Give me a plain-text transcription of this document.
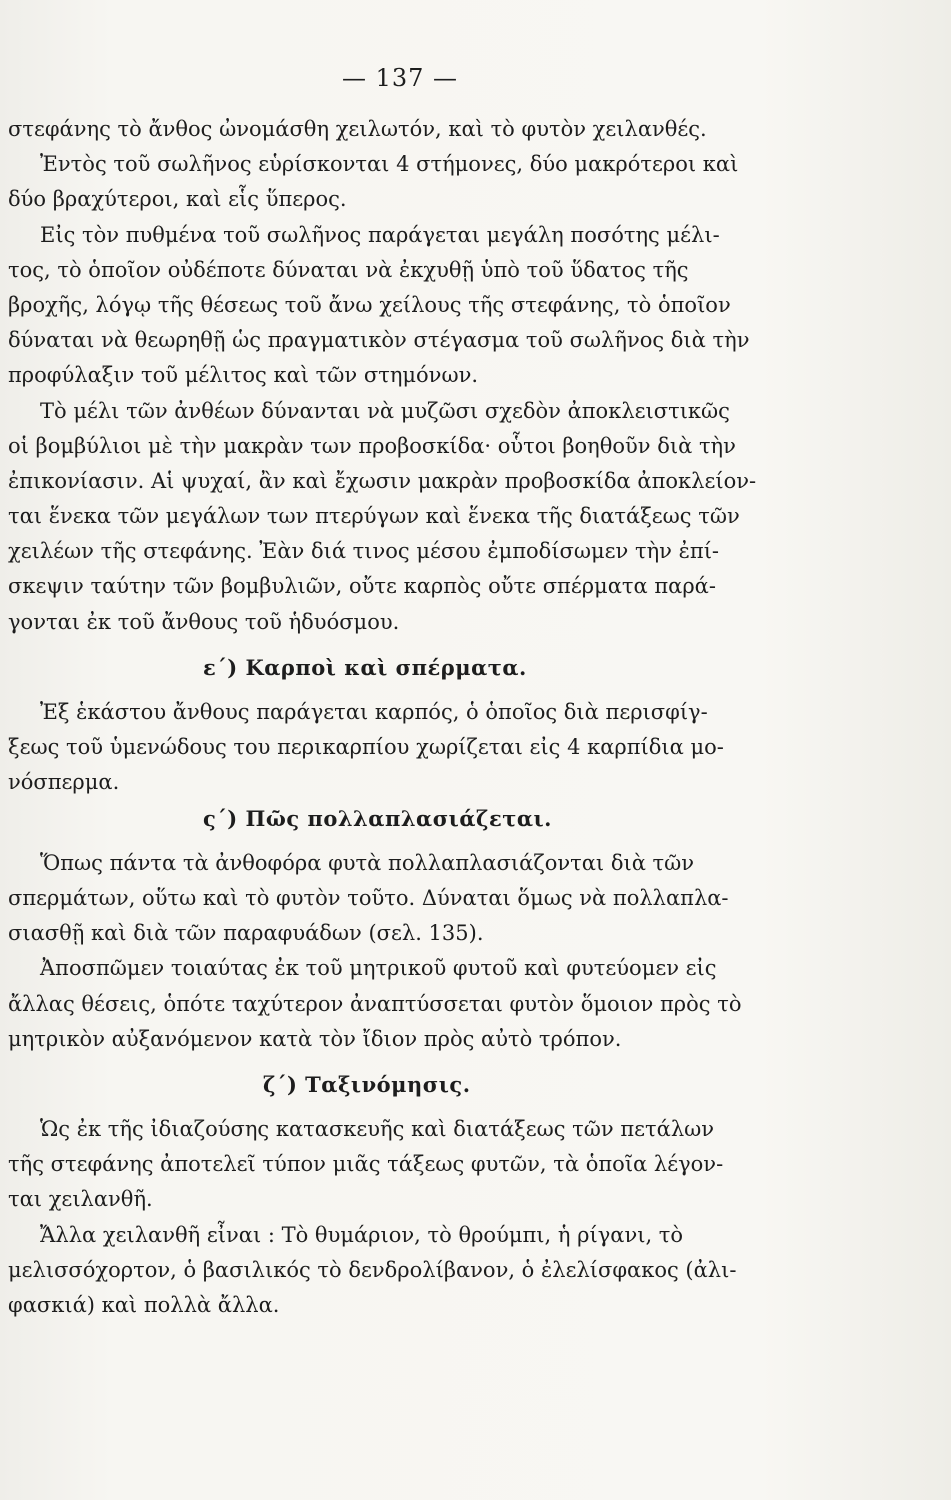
— 137 —
στεφάνης τὸ ἄνθος ὠνομάσθη χειλωτόν, καὶ τὸ φυτὸν χειλανθές.
Ἐντὸς τοῦ σωλῆνος εὑρίσκονται 4 στήμονες, δύο μακρότεροι καὶ
δύο βραχύτεροι, καὶ εἷς ὕπερος.
Εἰς τὸν πυθμένα τοῦ σωλῆνος παράγεται μεγάλη ποσότης μέλι-
τος, τὸ ὁποῖον οὐδέποτε δύναται νὰ ἐκχυθῇ ὑπὸ τοῦ ὕδατος τῆς
βροχῆς, λόγῳ τῆς θέσεως τοῦ ἄνω χείλους τῆς στεφάνης, τὸ ὁποῖον
δύναται νὰ θεωρηθῇ ὡς πραγματικὸν στέγασμα τοῦ σωλῆνος διὰ τὴν
προφύλαξιν τοῦ μέλιτος καὶ τῶν στημόνων.
Τὸ μέλι τῶν ἀνθέων δύνανται νὰ μυζῶσι σχεδὸν ἀποκλειστικῶς
οἱ βομβύλιοι μὲ τὴν μακρὰν των προβοσκίδα· οὗτοι βοηθοῦν διὰ τὴν
ἐπικονίασιν. Αἱ ψυχαί, ἂν καὶ ἔχωσιν μακρὰν προβοσκίδα ἀποκλείον-
ται ἕνεκα τῶν μεγάλων των πτερύγων καὶ ἕνεκα τῆς διατάξεως τῶν
χειλέων τῆς στεφάνης. Ἐὰν διά τινος μέσου ἐμποδίσωμεν τὴν ἐπί-
σκεψιν ταύτην τῶν βομβυλιῶν, οὔτε καρπὸς οὔτε σπέρματα παρά-
γονται ἐκ τοῦ ἄνθους τοῦ ἡδυόσμου.
ε΄) Καρποὶ καὶ σπέρματα.
Ἐξ ἑκάστου ἄνθους παράγεται καρπός, ὁ ὁποῖος διὰ περισφίγ-
ξεως τοῦ ὑμενώδους του περικαρπίου χωρίζεται εἰς 4 καρπίδια μο-
νόσπερμα.
ς΄) Πῶς πολλαπλασιάζεται.
Ὅπως πάντα τὰ ἀνθοφόρα φυτὰ πολλαπλασιάζονται διὰ τῶν
σπερμάτων, οὕτω καὶ τὸ φυτὸν τοῦτο. Δύναται ὅμως νὰ πολλαπλα-
σιασθῇ καὶ διὰ τῶν παραφυάδων (σελ. 135).
Ἀποσπῶμεν τοιαύτας ἐκ τοῦ μητρικοῦ φυτοῦ καὶ φυτεύομεν εἰς
ἄλλας θέσεις, ὁπότε ταχύτερον ἀναπτύσσεται φυτὸν ὅμοιον πρὸς τὸ
μητρικὸν αὐξανόμενον κατὰ τὸν ἴδιον πρὸς αὐτὸ τρόπον.
ζ΄) Ταξινόμησις.
Ὡς ἐκ τῆς ἰδιαζούσης κατασκευῆς καὶ διατάξεως τῶν πετάλων
τῆς στεφάνης ἀποτελεῖ τύπον μιᾶς τάξεως φυτῶν, τὰ ὁποῖα λέγον-
ται χειλανθῆ.
Ἄλλα χειλανθῆ εἶναι : Τὸ θυμάριον, τὸ θρούμπι, ἡ ρίγανι, τὸ
μελισσόχορτον, ὁ βασιλικός τὸ δενδρολίβανον, ὁ ἐλελίσφακος (ἀλι-
φασκιά) καὶ πολλὰ ἄλλα.
